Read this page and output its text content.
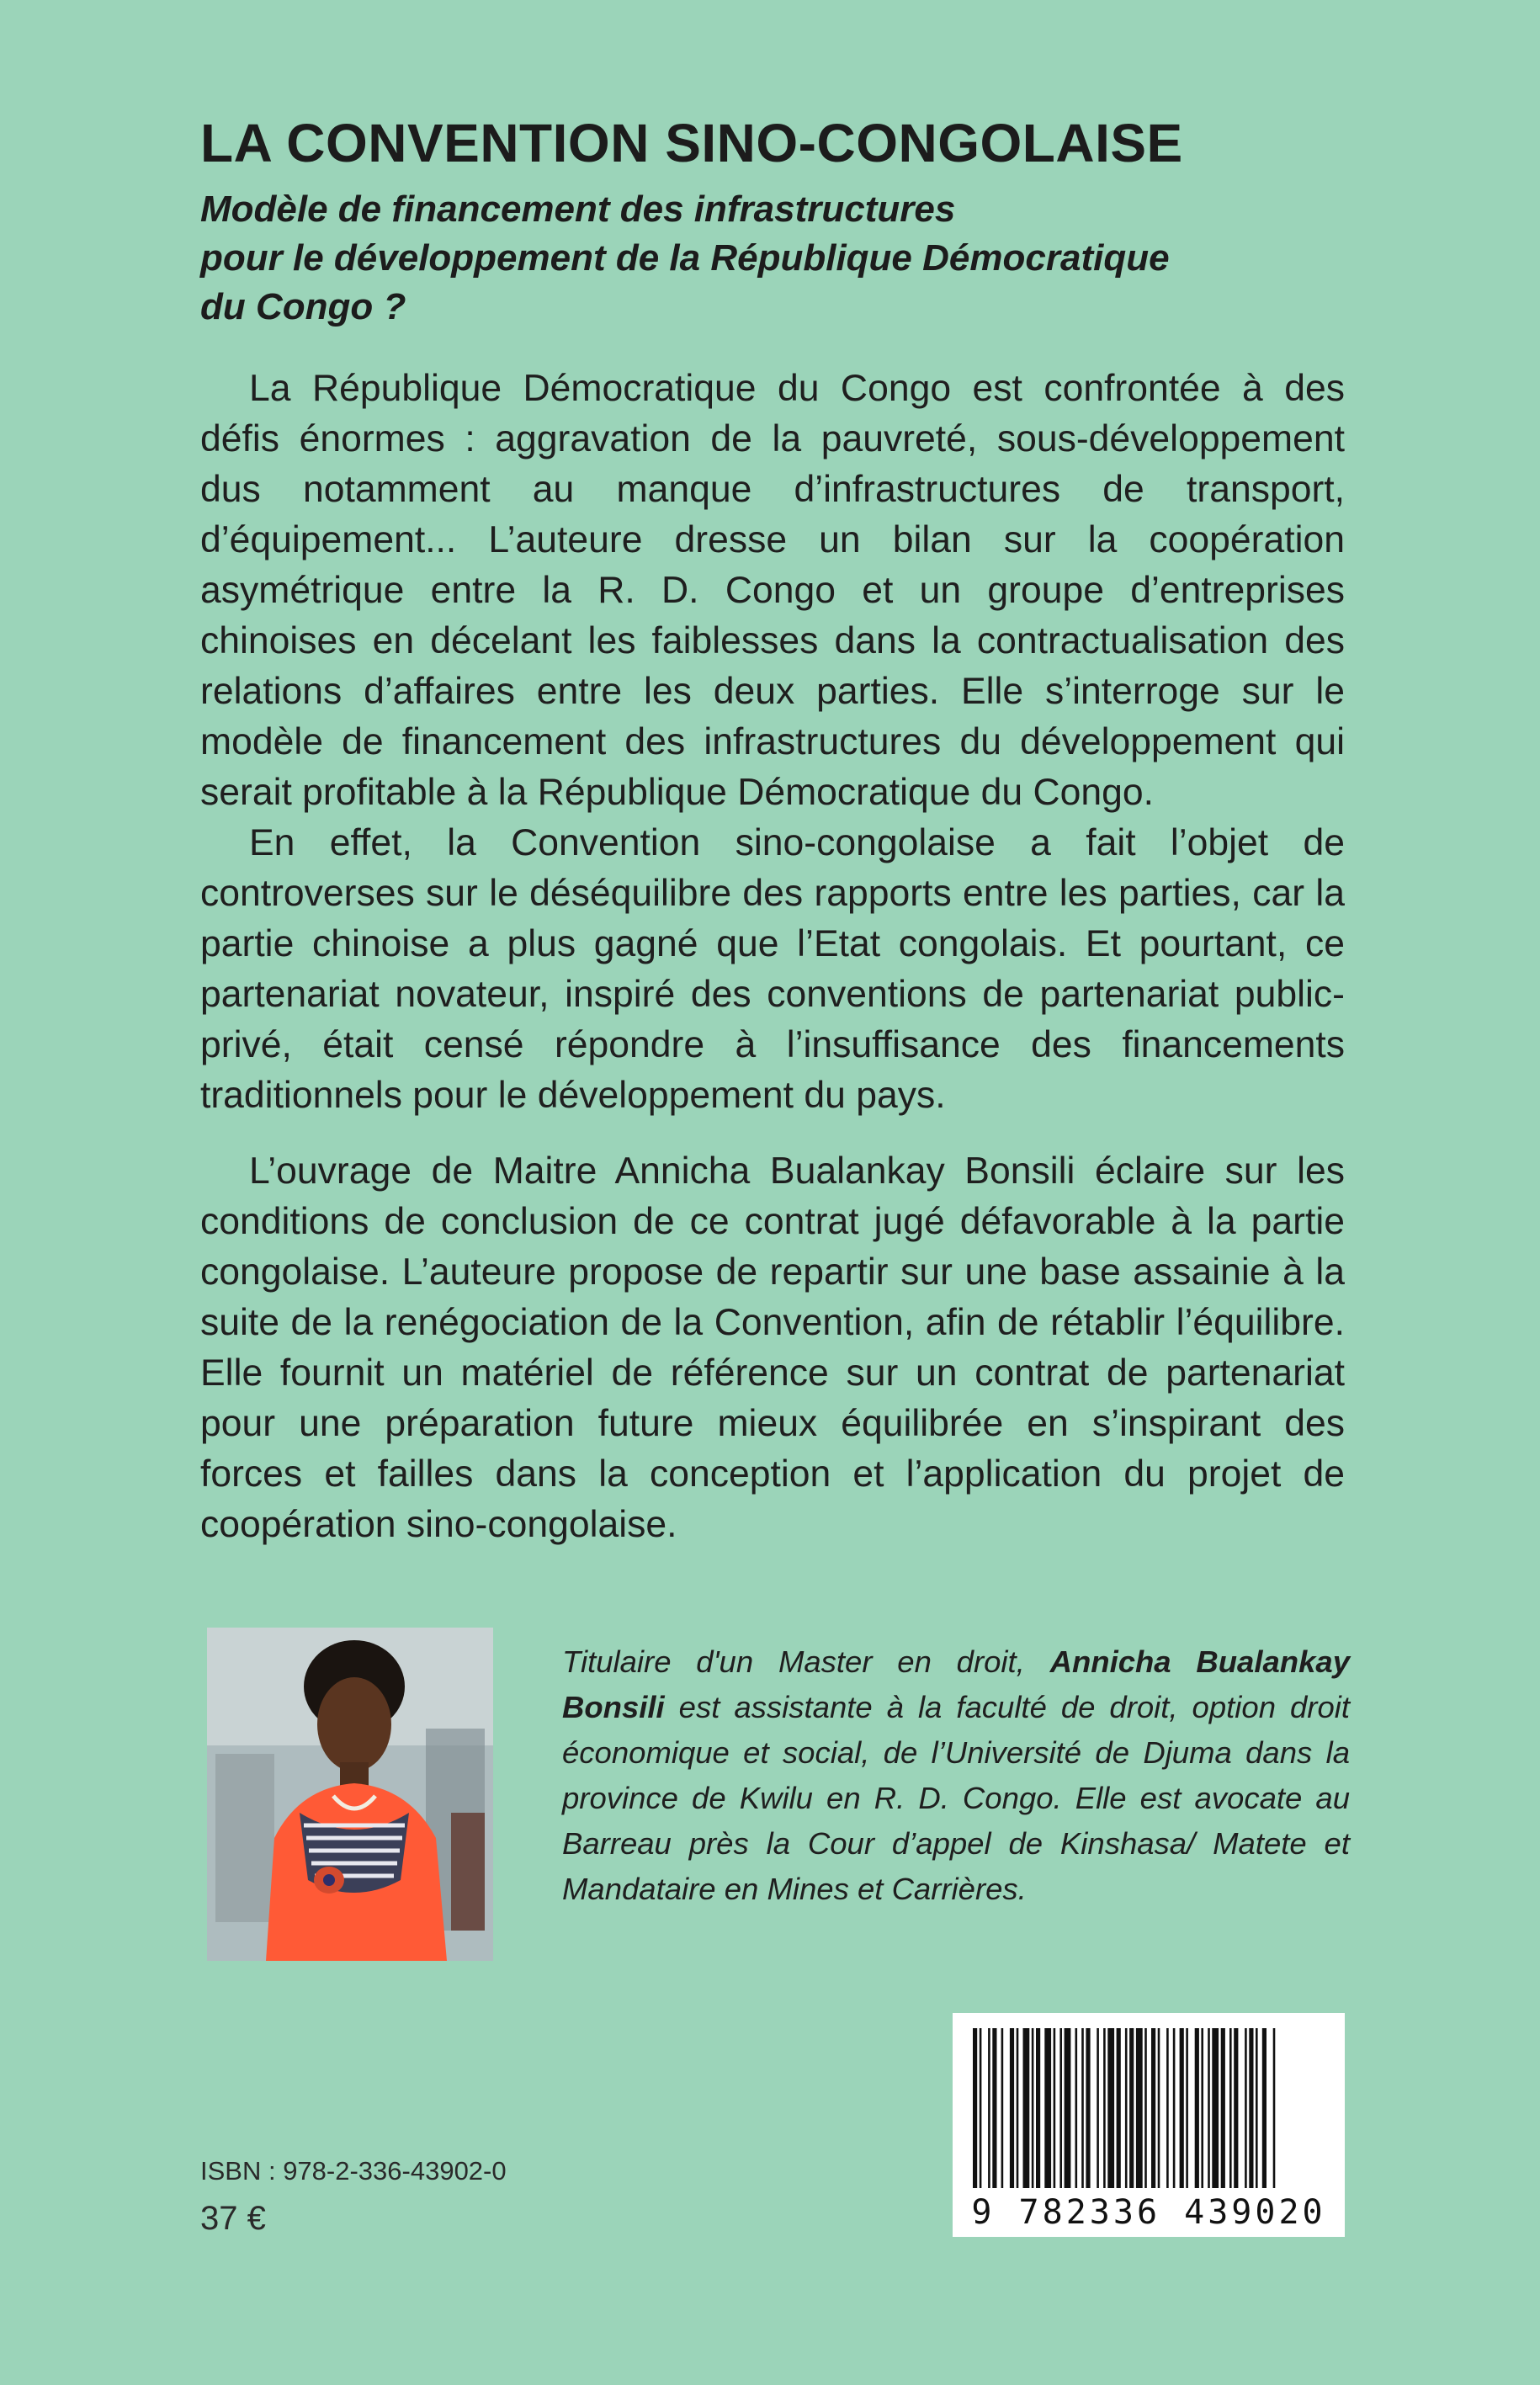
LA CONVENTION SINO-CONGOLAISE
Modèle de financement des infrastructures
pour le développement de la République Démocratique
du Congo ?

La République Démocratique du Congo est confrontée à des défis énormes : aggravation de la pauvreté, sous-développement dus notamment au manque d’infrastructures de transport, d’équipement... L’auteure dresse un bilan sur la coopération asymétrique entre la R. D. Congo et un groupe d’entreprises chinoises en décelant les faiblesses dans la contractualisation des relations d’affaires entre les deux parties. Elle s’interroge sur le modèle de financement des infrastructures du développement qui serait profitable à la République Démocratique du Congo.

En effet, la Convention sino-congolaise a fait l’objet de controverses sur le déséquilibre des rapports entre les parties, car la partie chinoise a plus gagné que l’Etat congolais. Et pourtant, ce partenariat novateur, inspiré des conventions de partenariat public-privé, était censé répondre à l’insuffisance des financements traditionnels pour le développement du pays.

L’ouvrage de Maitre Annicha Bualankay Bonsili éclaire sur les conditions de conclusion de ce contrat jugé défavorable à la partie congolaise. L’auteure propose de repartir sur une base assainie à la suite de la renégociation de la Convention, afin de rétablir l’équilibre. Elle fournit un matériel de référence sur un contrat de partenariat pour une préparation future mieux équilibrée en s’inspirant des forces et failles dans la conception et l’application du projet de coopération sino-congolaise.

Titulaire d'un Master en droit, Annicha Bualankay Bonsili est assistante à la faculté de droit, option droit économique et social, de l’Université de Djuma dans la province de Kwilu en R. D. Congo. Elle est avocate au Barreau près la Cour d’appel de Kinshasa/ Matete et Mandataire en Mines et Carrières.

9 782336 439020

ISBN : 978-2-336-43902-0

37 €
